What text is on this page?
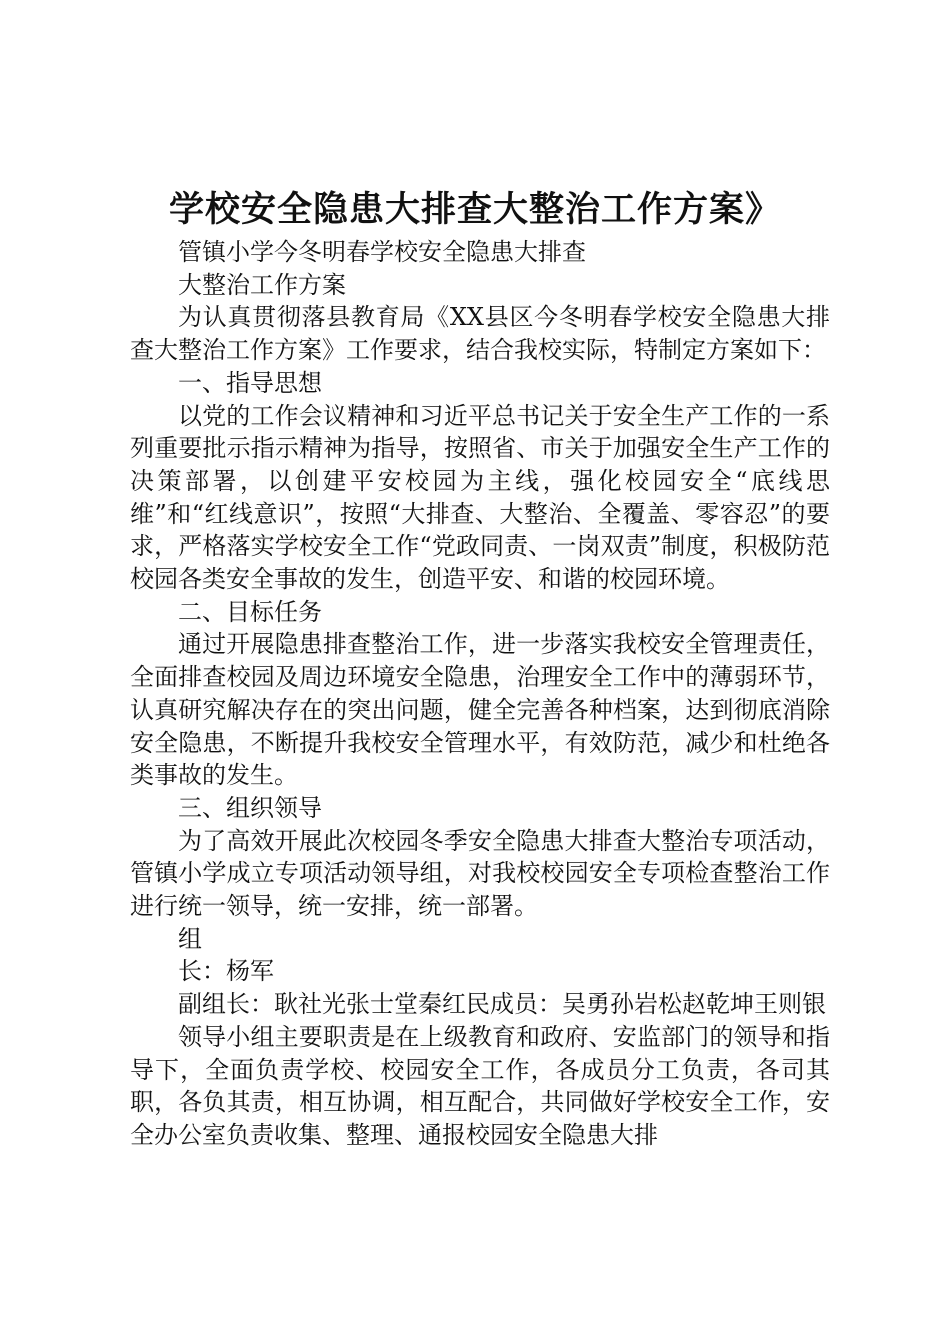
学校安全隐患大排查大整治工作方案》

管镇小学今冬明春学校安全隐患大排查

大整治工作方案

为认真贯彻落县教育局《XX县区今冬明春学校安全隐患大排查大整治工作方案》工作要求，结合我校实际，特制定方案如下：

一、指导思想

以党的工作会议精神和习近平总书记关于安全生产工作的一系列重要批示指示精神为指导，按照省、市关于加强安全生产工作的决策部署，以创建平安校园为主线，强化校园安全“底线思维”和“红线意识”，按照“大排查、大整治、全覆盖、零容忍”的要求，严格落实学校安全工作“党政同责、一岗双责”制度，积极防范校园各类安全事故的发生，创造平安、和谐的校园环境。

二、目标任务

通过开展隐患排查整治工作，进一步落实我校安全管理责任，全面排查校园及周边环境安全隐患，治理安全工作中的薄弱环节，认真研究解决存在的突出问题，健全完善各种档案，达到彻底消除安全隐患，不断提升我校安全管理水平，有效防范，减少和杜绝各类事故的发生。

三、组织领导

为了高效开展此次校园冬季安全隐患大排查大整治专项活动，管镇小学成立专项活动领导组，对我校校园安全专项检查整治工作进行统一领导，统一安排，统一部署。

组

长：杨军

副组长：耿社光张士堂秦红民成员：吴勇孙岩松赵乾坤王则银

领导小组主要职责是在上级教育和政府、安监部门的领导和指导下，全面负责学校、校园安全工作，各成员分工负责，各司其职，各负其责，相互协调，相互配合，共同做好学校安全工作，安全办公室负责收集、整理、通报校园安全隐患大排
